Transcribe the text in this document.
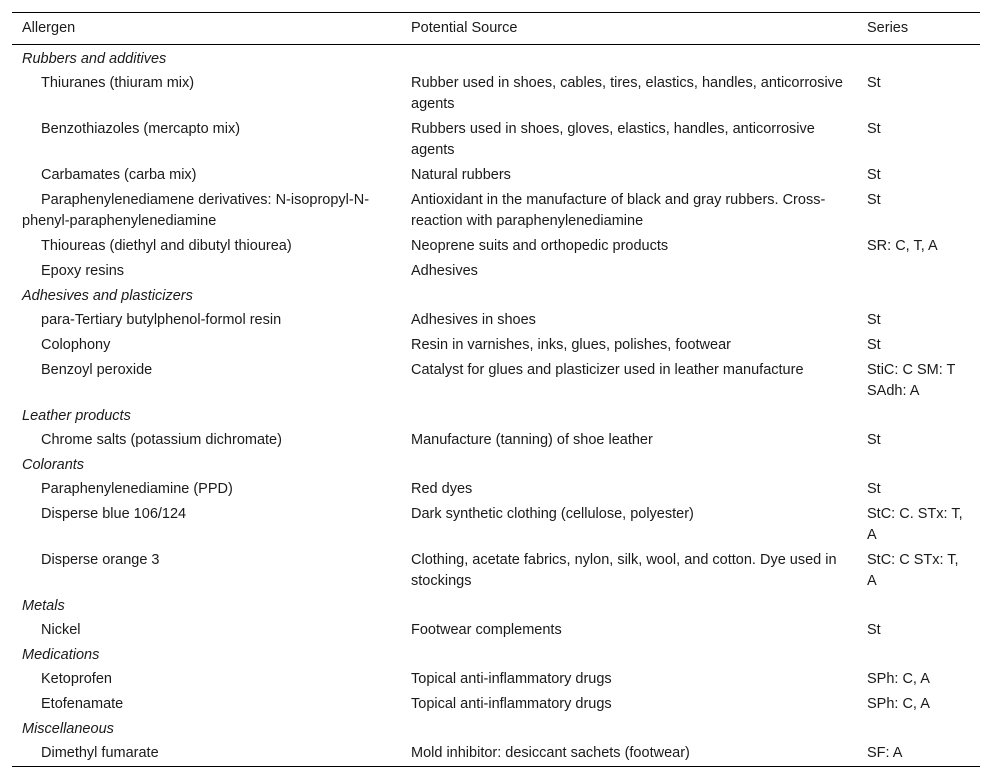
Allergen	Potential Source	Series
Rubbers and additives		
Thiuranes (thiuram mix)	Rubber used in shoes, cables, tires, elastics, handles, anticorrosive agents	St
Benzothiazoles (mercapto mix)	Rubbers used in shoes, gloves, elastics, handles, anticorrosive agents	St
Carbamates (carba mix)	Natural rubbers	St
Paraphenylenediamene derivatives: N-isopropyl-N-phenyl-paraphenylenediamine	Antioxidant in the manufacture of black and gray rubbers. Cross-reaction with paraphenylenediamine	St
Thioureas (diethyl and dibutyl thiourea)	Neoprene suits and orthopedic products	SR: C, T, A
Epoxy resins	Adhesives	
Adhesives and plasticizers		
para-Tertiary butylphenol-formol resin	Adhesives in shoes	St
Colophony	Resin in varnishes, inks, glues, polishes, footwear	St
Benzoyl peroxide	Catalyst for glues and plasticizer used in leather manufacture	StiC: C SM: T SAdh: A
Leather products		
Chrome salts (potassium dichromate)	Manufacture (tanning) of shoe leather	St
Colorants		
Paraphenylenediamine (PPD)	Red dyes	St
Disperse blue 106/124	Dark synthetic clothing (cellulose, polyester)	StC: C. STx: T, A
Disperse orange 3	Clothing, acetate fabrics, nylon, silk, wool, and cotton. Dye used in stockings	StC: C STx: T, A
Metals		
Nickel	Footwear complements	St
Medications		
Ketoprofen	Topical anti-inflammatory drugs	SPh: C, A
Etofenamate	Topical anti-inflammatory drugs	SPh: C, A
Miscellaneous		
Dimethyl fumarate	Mold inhibitor: desiccant sachets (footwear)	SF: A
